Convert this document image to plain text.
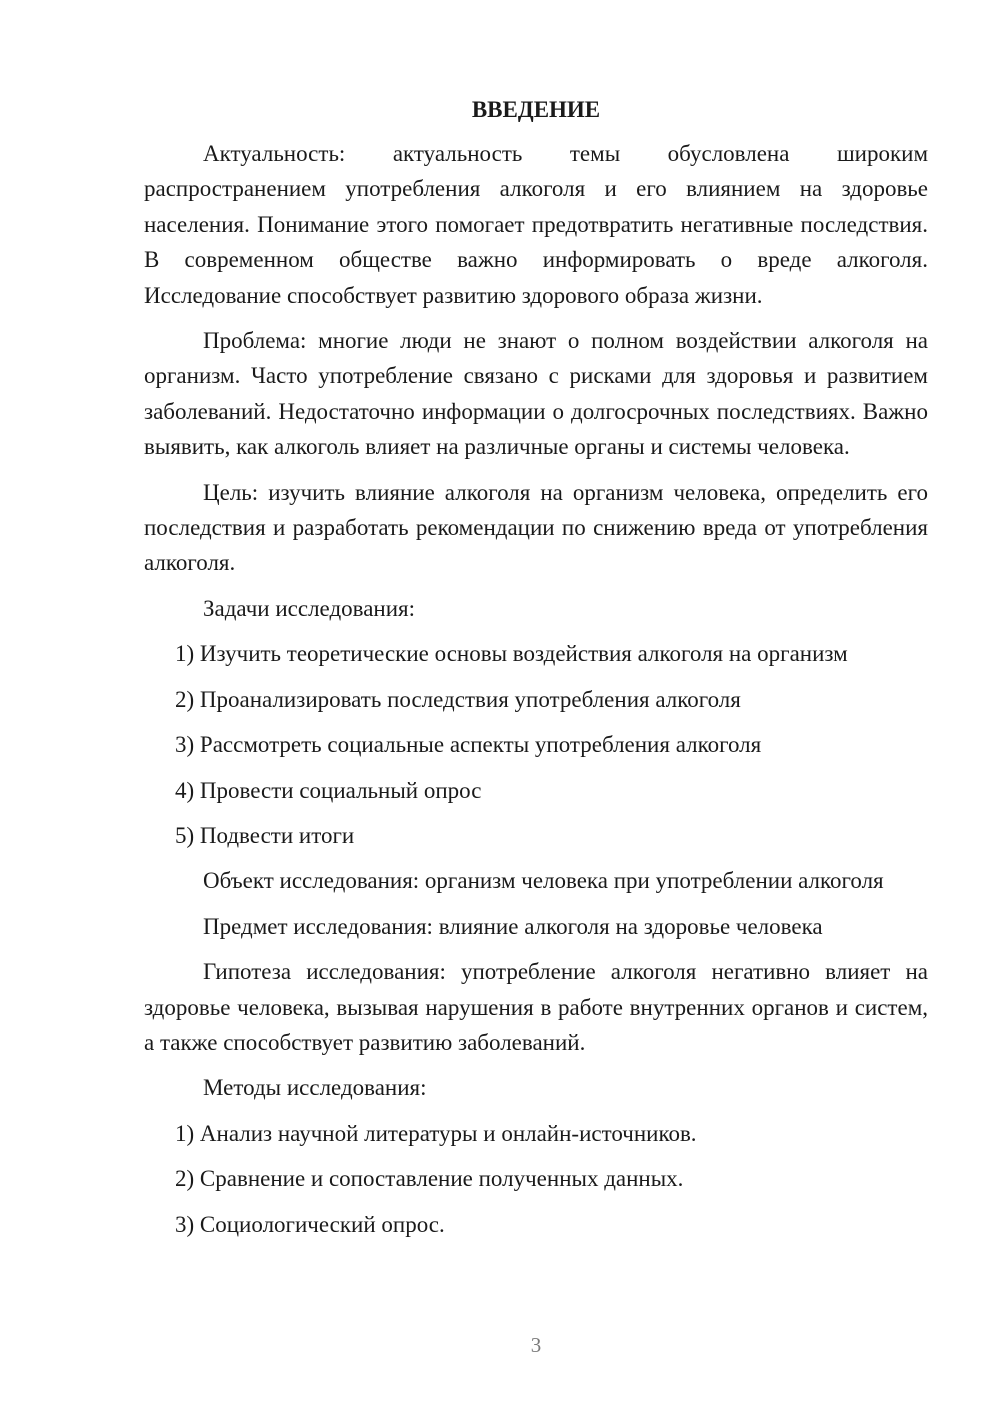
ВВЕДЕНИЕ

Актуальность: актуальность темы обусловлена широким распространением употребления алкоголя и его влиянием на здоровье населения. Понимание этого помогает предотвратить негативные последствия. В современном обществе важно информировать о вреде алкоголя. Исследование способствует развитию здорового образа жизни.

Проблема: многие люди не знают о полном воздействии алкоголя на организм. Часто употребление связано с рисками для здоровья и развитием заболеваний. Недостаточно информации о долгосрочных последствиях. Важно выявить, как алкоголь влияет на различные органы и системы человека.

Цель: изучить влияние алкоголя на организм человека, определить его последствия и разработать рекомендации по снижению вреда от употребления алкоголя.

Задачи исследования:

1) Изучить теоретические основы воздействия алкоголя на организм

2) Проанализировать последствия употребления алкоголя

3) Рассмотреть социальные аспекты употребления алкоголя

4) Провести социальный опрос

5) Подвести итоги

Объект исследования: организм человека при употреблении алкоголя

Предмет исследования: влияние алкоголя на здоровье человека

Гипотеза исследования: употребление алкоголя негативно влияет на здоровье человека, вызывая нарушения в работе внутренних органов и систем, а также способствует развитию заболеваний.

Методы исследования:

1) Анализ научной литературы и онлайн-источников.

2) Сравнение и сопоставление полученных данных.

3) Социологический опрос.

3
